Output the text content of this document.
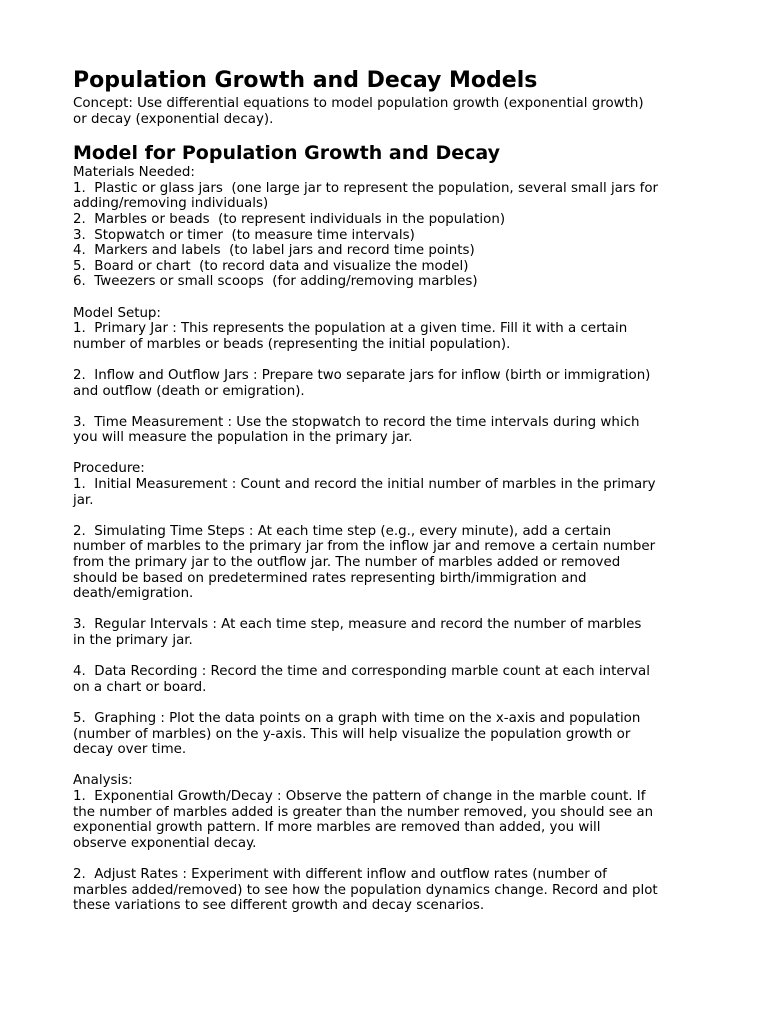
Population Growth and Decay Models

Concept: Use differential equations to model population growth (exponential growth)

or decay (exponential decay).

Model for Population Growth and Decay

Materials Needed:

1.  Plastic or glass jars  (one large jar to represent the population, several small jars for

adding/removing individuals)

2.  Marbles or beads  (to represent individuals in the population)

3.  Stopwatch or timer  (to measure time intervals)

4.  Markers and labels  (to label jars and record time points)

5.  Board or chart  (to record data and visualize the model)

6.  Tweezers or small scoops  (for adding/removing marbles)

Model Setup:

1.  Primary Jar : This represents the population at a given time. Fill it with a certain

number of marbles or beads (representing the initial population).

2.  Inflow and Outflow Jars : Prepare two separate jars for inflow (birth or immigration)

and outflow (death or emigration).

3.  Time Measurement : Use the stopwatch to record the time intervals during which

you will measure the population in the primary jar.

Procedure:

1.  Initial Measurement : Count and record the initial number of marbles in the primary

jar.

2.  Simulating Time Steps : At each time step (e.g., every minute), add a certain

number of marbles to the primary jar from the inflow jar and remove a certain number

from the primary jar to the outflow jar. The number of marbles added or removed

should be based on predetermined rates representing birth/immigration and

death/emigration.

3.  Regular Intervals : At each time step, measure and record the number of marbles

in the primary jar.

4.  Data Recording : Record the time and corresponding marble count at each interval

on a chart or board.

5.  Graphing : Plot the data points on a graph with time on the x-axis and population

(number of marbles) on the y-axis. This will help visualize the population growth or

decay over time.

Analysis:

1.  Exponential Growth/Decay : Observe the pattern of change in the marble count. If

the number of marbles added is greater than the number removed, you should see an

exponential growth pattern. If more marbles are removed than added, you will

observe exponential decay.

2.  Adjust Rates : Experiment with different inflow and outflow rates (number of

marbles added/removed) to see how the population dynamics change. Record and plot

these variations to see different growth and decay scenarios.
